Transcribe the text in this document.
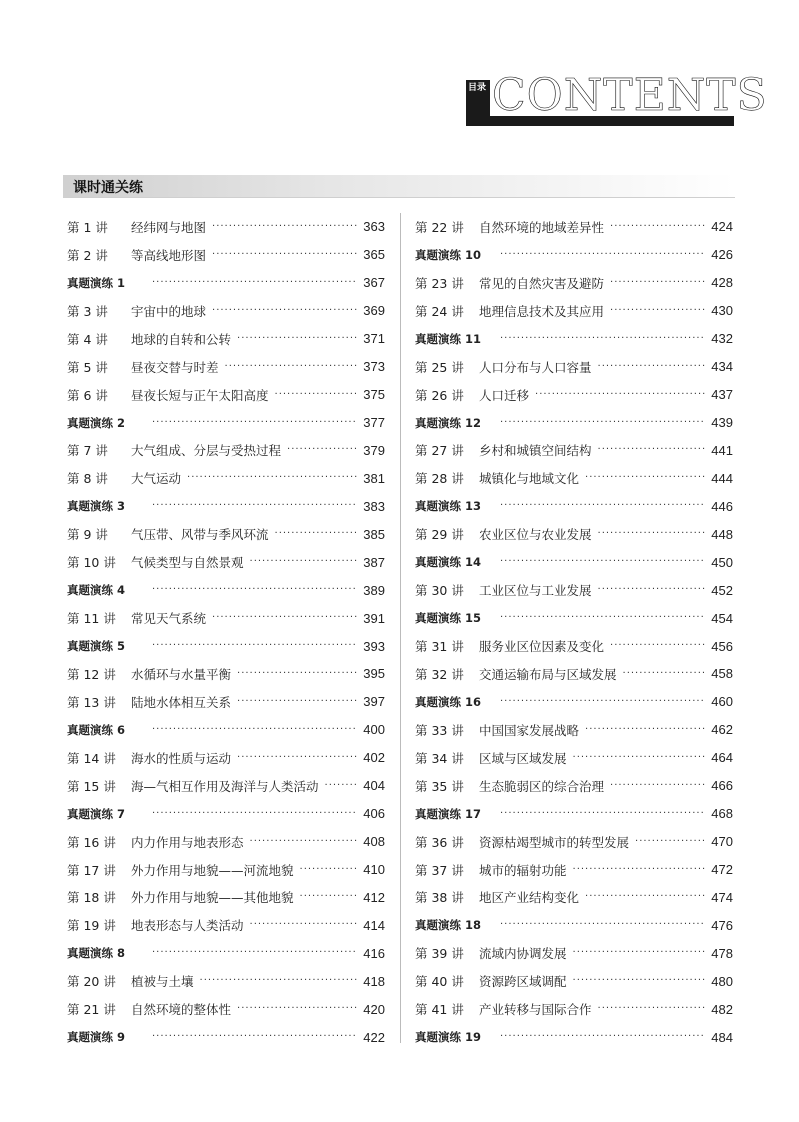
目录 CONTENTS
课时通关练
第 1 讲	经纬网与地图 ·····	363
第 2 讲	等高线地形图 ·····	365
真题演练 1 ·····	367
第 3 讲	宇宙中的地球 ·····	369
第 4 讲	地球的自转和公转 ·····	371
第 5 讲	昼夜交替与时差 ·····	373
第 6 讲	昼夜长短与正午太阳高度 ·····	375
真题演练 2 ·····	377
第 7 讲	大气组成、分层与受热过程 ·····	379
第 8 讲	大气运动 ·····	381
真题演练 3 ·····	383
第 9 讲	气压带、风带与季风环流 ·····	385
第 10 讲	气候类型与自然景观 ·····	387
真题演练 4 ·····	389
第 11 讲	常见天气系统 ·····	391
真题演练 5 ·····	393
第 12 讲	水循环与水量平衡 ·····	395
第 13 讲	陆地水体相互关系 ·····	397
真题演练 6 ·····	400
第 14 讲	海水的性质与运动 ·····	402
第 15 讲	海—气相互作用及海洋与人类活动 ·····	404
真题演练 7 ·····	406
第 16 讲	内力作用与地表形态 ·····	408
第 17 讲	外力作用与地貌——河流地貌 ·····	410
第 18 讲	外力作用与地貌——其他地貌 ·····	412
第 19 讲	地表形态与人类活动 ·····	414
真题演练 8 ·····	416
第 20 讲	植被与土壤 ·····	418
第 21 讲	自然环境的整体性 ·····	420
真题演练 9 ·····	422
第 22 讲	自然环境的地域差异性 ·····	424
真题演练 10 ·····	426
第 23 讲	常见的自然灾害及避防 ·····	428
第 24 讲	地理信息技术及其应用 ·····	430
真题演练 11 ·····	432
第 25 讲	人口分布与人口容量 ·····	434
第 26 讲	人口迁移 ·····	437
真题演练 12 ·····	439
第 27 讲	乡村和城镇空间结构 ·····	441
第 28 讲	城镇化与地域文化 ·····	444
真题演练 13 ·····	446
第 29 讲	农业区位与农业发展 ·····	448
真题演练 14 ·····	450
第 30 讲	工业区位与工业发展 ·····	452
真题演练 15 ·····	454
第 31 讲	服务业区位因素及变化 ·····	456
第 32 讲	交通运输布局与区域发展 ·····	458
真题演练 16 ·····	460
第 33 讲	中国国家发展战略 ·····	462
第 34 讲	区域与区域发展 ·····	464
第 35 讲	生态脆弱区的综合治理 ·····	466
真题演练 17 ·····	468
第 36 讲	资源枯竭型城市的转型发展 ·····	470
第 37 讲	城市的辐射功能 ·····	472
第 38 讲	地区产业结构变化 ·····	474
真题演练 18 ·····	476
第 39 讲	流域内协调发展 ·····	478
第 40 讲	资源跨区域调配 ·····	480
第 41 讲	产业转移与国际合作 ·····	482
真题演练 19 ·····	484
